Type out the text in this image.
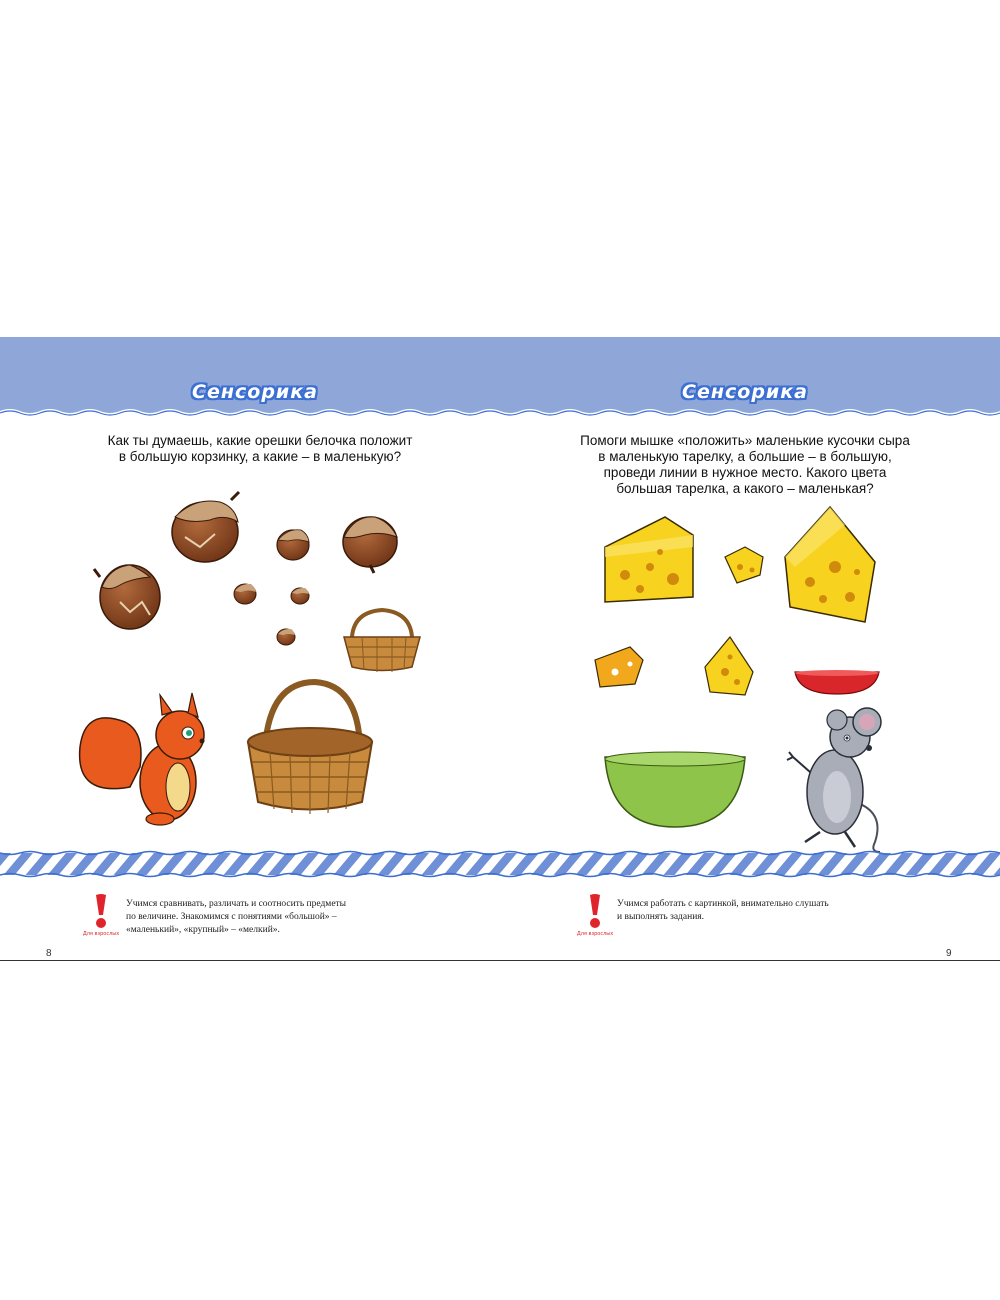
Сенсорика	Сенсорика
Как ты думаешь, какие орешки белочка положит
в большую корзинку, а какие – в маленькую?
Помоги мышке «положить» маленькие кусочки сыра
в маленькую тарелку, а большие – в большую,
проведи линии в нужное место. Какого цвета
большая тарелка, а какого – маленькая?
Для взрослых	Для взрослых
Учимся сравнивать, различать и соотносить предметы
по величине. Знакомимся с понятиями «большой» –
«маленький», «крупный» – «мелкий».
Учимся работать с картинкой, внимательно слушать
и выполнять задания.
8	9
